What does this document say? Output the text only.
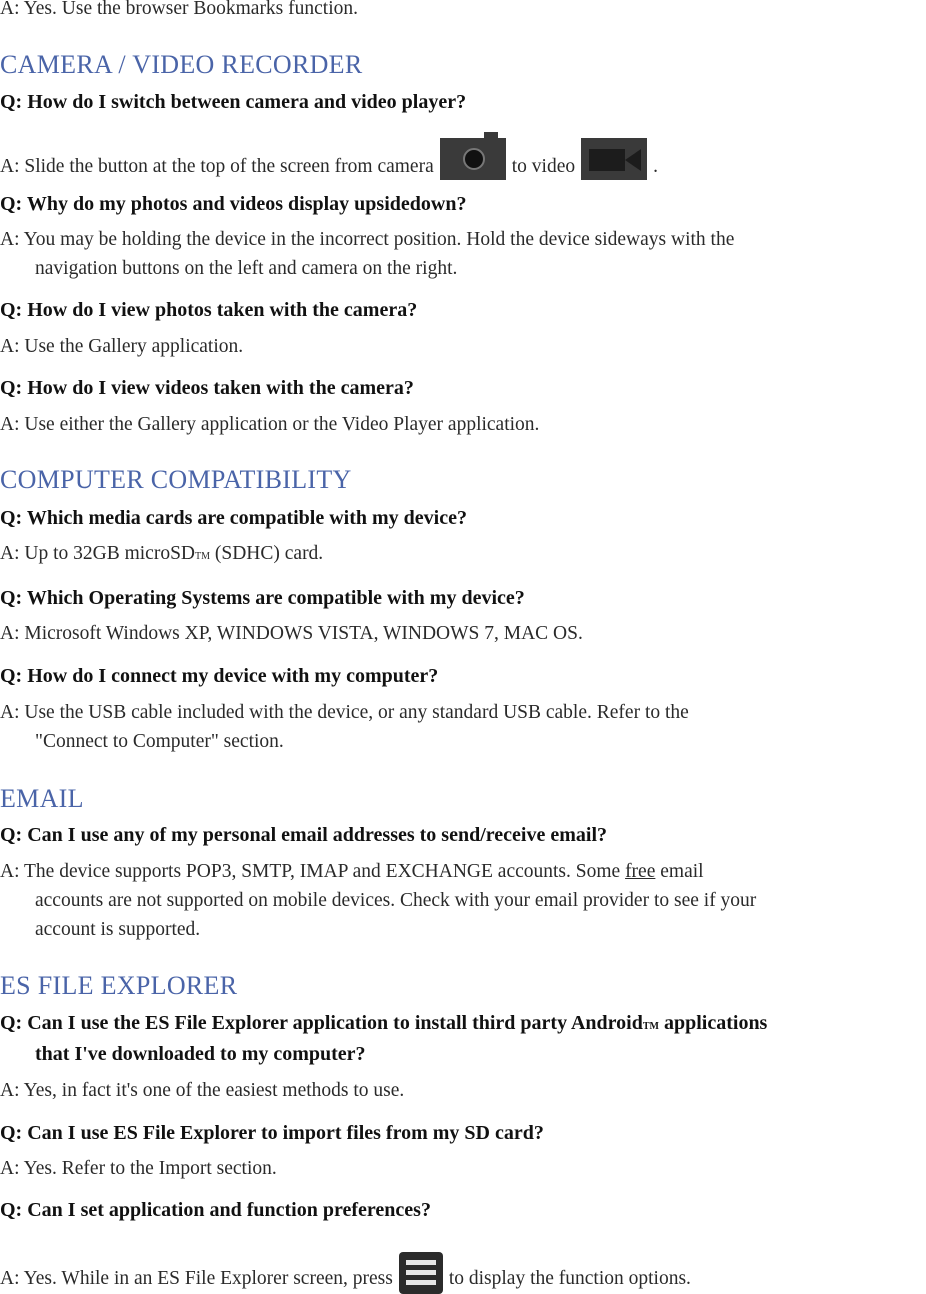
A: Yes. Use the browser Bookmarks function.
CAMERA / VIDEO RECORDER
Q: How do I switch between camera and video player?
A: Slide the button at the top of the screen from camera	to video	.
Q: Why do my photos and videos display upsidedown?
A: You may be holding the device in the incorrect position. Hold the device sideways with the
navigation buttons on the left and camera on the right.
Q: How do I view photos taken with the camera?
A: Use the Gallery application.
Q: How do I view videos taken with the camera?
A: Use either the Gallery application or the Video Player application.
COMPUTER COMPATIBILITY
Q: Which media cards are compatible with my device?
A: Up to 32GB microSDTM (SDHC) card.
Q: Which Operating Systems are compatible with my device?
A: Microsoft Windows XP, WINDOWS VISTA, WINDOWS 7, MAC OS.
Q: How do I connect my device with my computer?
A: Use the USB cable included with the device, or any standard USB cable. Refer to the
"Connect to Computer" section.
EMAIL
Q: Can I use any of my personal email addresses to send/receive email?
A: The device supports POP3, SMTP, IMAP and EXCHANGE accounts. Some free email
accounts are not supported on mobile devices. Check with your email provider to see if your
account is supported.
ES FILE EXPLORER
Q: Can I use the ES File Explorer application to install third party AndroidTM applications
that I've downloaded to my computer?
A: Yes, in fact it's one of the easiest methods to use.
Q: Can I use ES File Explorer to import files from my SD card?
A: Yes. Refer to the Import section.
Q: Can I set application and function preferences?
A: Yes. While in an ES File Explorer screen, press	to display the function options.
